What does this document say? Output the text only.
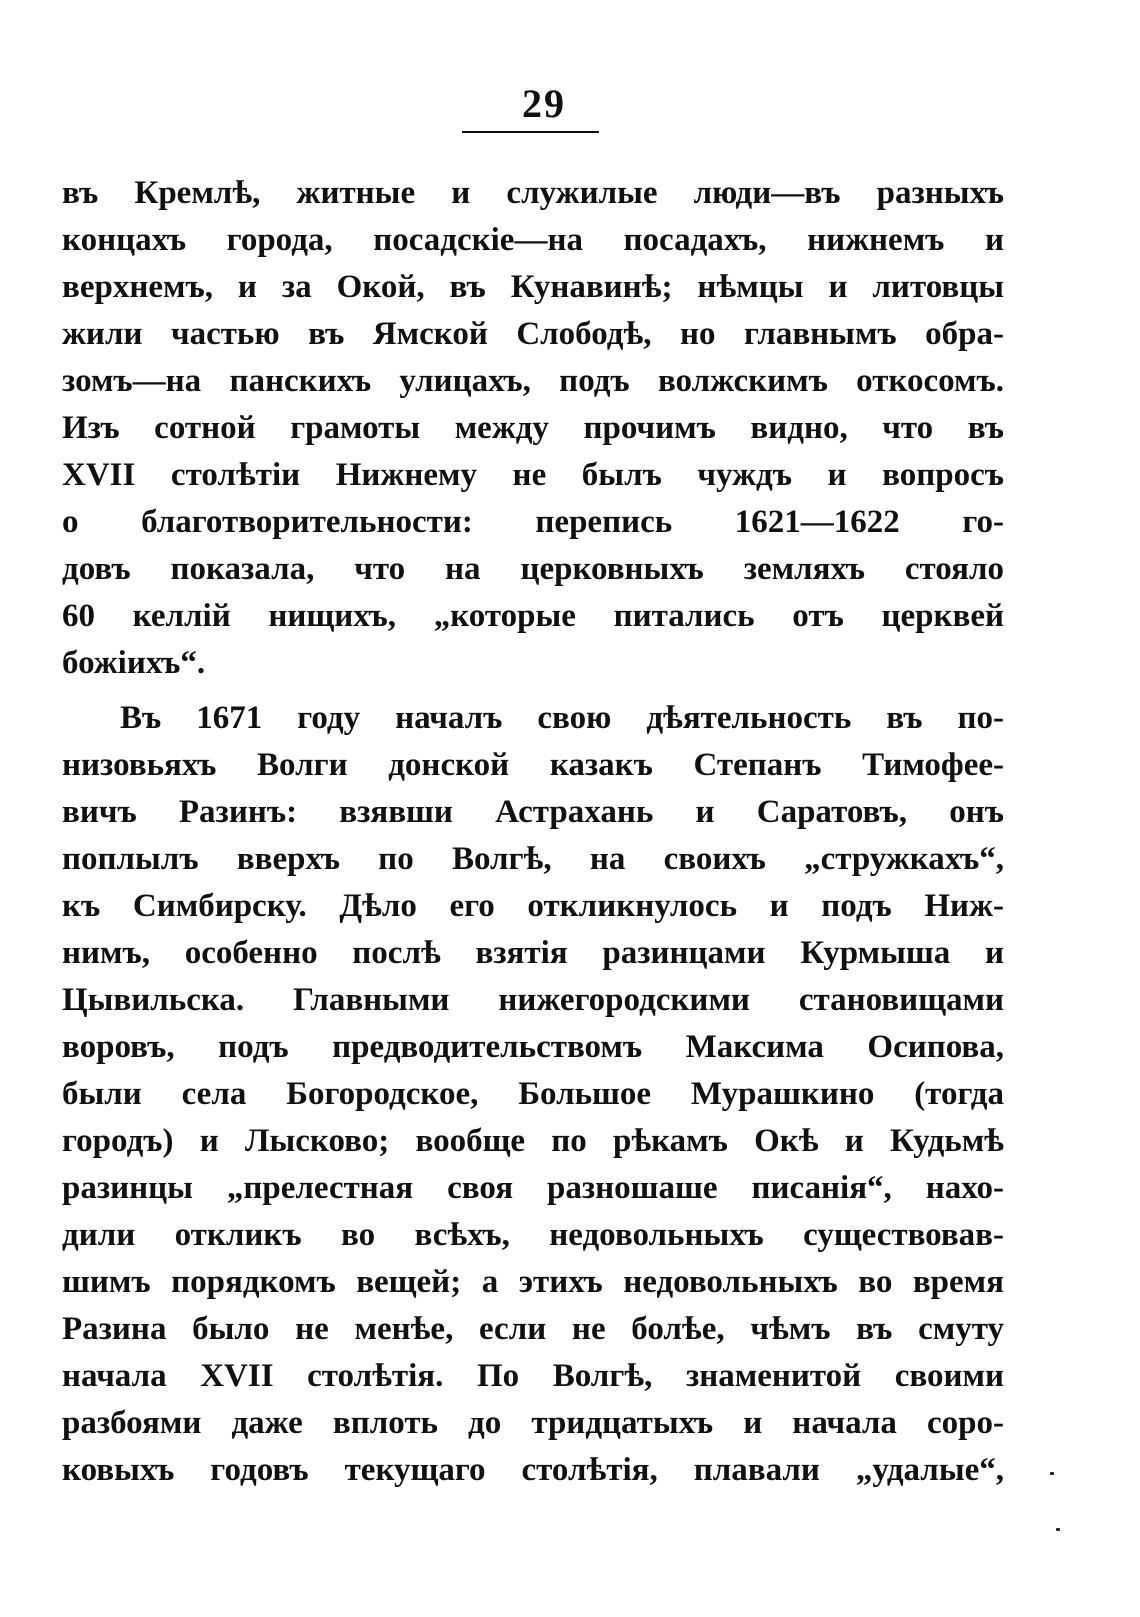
29
въ Кремлѣ, житные и служилые люди—въ разныхъ
концахъ города, посадскіе—на посадахъ, нижнемъ и
верхнемъ, и за Окой, въ Кунавинѣ; нѣмцы и литовцы
жили частью въ Ямской Слободѣ, но главнымъ обра-
зомъ—на панскихъ улицахъ, подъ волжскимъ откосомъ.
Изъ сотной грамоты между прочимъ видно, что въ
XVII столѣтіи Нижнему не былъ чуждъ и вопросъ
о благотворительности: перепись 1621—1622 го-
довъ показала, что на церковныхъ земляхъ стояло
60 келлій нищихъ, „которые питались отъ церквей
божіихъ“.
Въ 1671 году началъ свою дѣятельность въ по-
низовьяхъ Волги донской казакъ Степанъ Тимофее-
вичъ Разинъ: взявши Астрахань и Саратовъ, онъ
поплылъ вверхъ по Волгѣ, на своихъ „стружкахъ“,
къ Симбирску. Дѣло его откликнулось и подъ Ниж-
нимъ, особенно послѣ взятія разинцами Курмыша и
Цывильска. Главными нижегородскими становищами
воровъ, подъ предводительствомъ Максима Осипова,
были села Богородское, Большое Мурашкино (тогда
городъ) и Лысково; вообще по рѣкамъ Окѣ и Кудьмѣ
разинцы „прелестная своя разношаше писанія“, нахо-
дили откликъ во всѣхъ, недовольныхъ существовав-
шимъ порядкомъ вещей; а этихъ недовольныхъ во время
Разина было не менѣе, если не болѣе, чѣмъ въ смуту
начала XVII столѣтія. По Волгѣ, знаменитой своими
разбоями даже вплоть до тридцатыхъ и начала соро-
ковыхъ годовъ текущаго столѣтія, плавали „удалые“,
